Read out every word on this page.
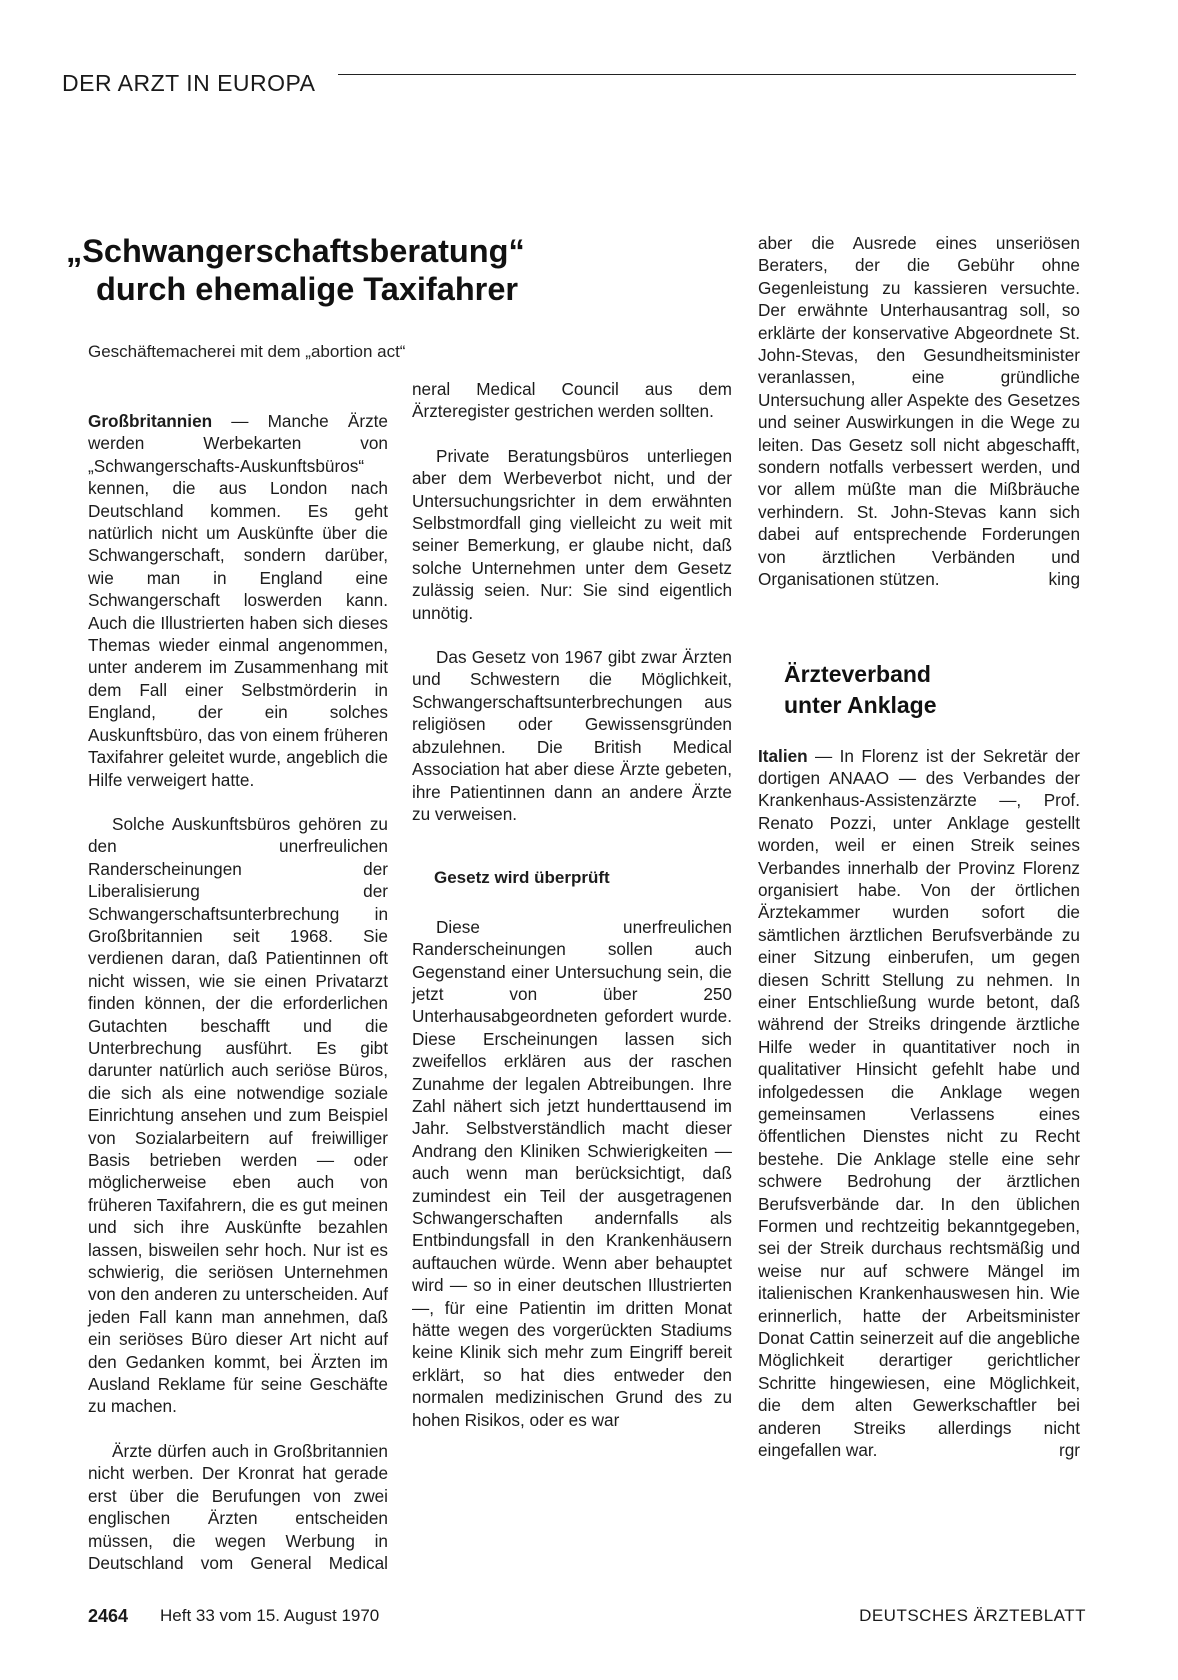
DER ARZT IN EUROPA
„Schwangerschaftsberatung“
durch ehemalige Taxifahrer
Geschäftemacherei mit dem „abortion act“

Großbritannien — Manche Ärzte werden Werbekarten von „Schwangerschafts-Auskunftsbüros“ kennen, die aus London nach Deutschland kommen. Es geht natürlich nicht um Auskünfte über die Schwangerschaft, sondern darüber, wie man in England eine Schwangerschaft loswerden kann. Auch die Illustrierten haben sich dieses Themas wieder einmal angenommen, unter anderem im Zusammenhang mit dem Fall einer Selbstmörderin in England, der ein solches Auskunftsbüro, das von einem früheren Taxifahrer geleitet wurde, angeblich die Hilfe verweigert hatte.

Solche Auskunftsbüros gehören zu den unerfreulichen Randerscheinungen der Liberalisierung der Schwangerschaftsunterbrechung in Großbritannien seit 1968. Sie verdienen daran, daß Patientinnen oft nicht wissen, wie sie einen Privatarzt finden können, der die erforderlichen Gutachten beschafft und die Unterbrechung ausführt. Es gibt darunter natürlich auch seriöse Büros, die sich als eine notwendige soziale Einrichtung ansehen und zum Beispiel von Sozialarbeitern auf freiwilliger Basis betrieben werden — oder möglicherweise eben auch von früheren Taxifahrern, die es gut meinen und sich ihre Auskünfte bezahlen lassen, bisweilen sehr hoch. Nur ist es schwierig, die seriösen Unternehmen von den anderen zu unterscheiden. Auf jeden Fall kann man annehmen, daß ein seriöses Büro dieser Art nicht auf den Gedanken kommt, bei Ärzten im Ausland Reklame für seine Geschäfte zu machen.

Ärzte dürfen auch in Großbritannien nicht werben. Der Kronrat hat gerade erst über die Berufungen von zwei englischen Ärzten entscheiden müssen, die wegen Werbung in Deutschland vom General Medical

neral Medical Council aus dem Ärzteregister gestrichen werden sollten.

Private Beratungsbüros unterliegen aber dem Werbeverbot nicht, und der Untersuchungsrichter in dem erwähnten Selbstmordfall ging vielleicht zu weit mit seiner Bemerkung, er glaube nicht, daß solche Unternehmen unter dem Gesetz zulässig seien. Nur: Sie sind eigentlich unnötig.

Das Gesetz von 1967 gibt zwar Ärzten und Schwestern die Möglichkeit, Schwangerschaftsunterbrechungen aus religiösen oder Gewissensgründen abzulehnen. Die British Medical Association hat aber diese Ärzte gebeten, ihre Patientinnen dann an andere Ärzte zu verweisen.

Gesetz wird überprüft

Diese unerfreulichen Randerscheinungen sollen auch Gegenstand einer Untersuchung sein, die jetzt von über 250 Unterhausabgeordneten gefordert wurde. Diese Erscheinungen lassen sich zweifellos erklären aus der raschen Zunahme der legalen Abtreibungen. Ihre Zahl nähert sich jetzt hunderttausend im Jahr. Selbstverständlich macht dieser Andrang den Kliniken Schwierigkeiten — auch wenn man berücksichtigt, daß zumindest ein Teil der ausgetragenen Schwangerschaften andernfalls als Entbindungsfall in den Krankenhäusern auftauchen würde. Wenn aber behauptet wird — so in einer deutschen Illustrierten —, für eine Patientin im dritten Monat hätte wegen des vorgerückten Stadiums keine Klinik sich mehr zum Eingriff bereit erklärt, so hat dies entweder den normalen medizinischen Grund des zu hohen Risikos, oder es war

aber die Ausrede eines unseriösen Beraters, der die Gebühr ohne Gegenleistung zu kassieren versuchte. Der erwähnte Unterhausantrag soll, so erklärte der konservative Abgeordnete St. John-Stevas, den Gesundheitsminister veranlassen, eine gründliche Untersuchung aller Aspekte des Gesetzes und seiner Auswirkungen in die Wege zu leiten. Das Gesetz soll nicht abgeschafft, sondern notfalls verbessert werden, und vor allem müßte man die Mißbräuche verhindern. St. John-Stevas kann sich dabei auf entsprechende Forderungen von ärztlichen Verbänden und Organisationen stützen.	king

Ärzteverband
unter Anklage

Italien — In Florenz ist der Sekretär der dortigen ANAAO — des Verbandes der Krankenhaus-Assistenzärzte —, Prof. Renato Pozzi, unter Anklage gestellt worden, weil er einen Streik seines Verbandes innerhalb der Provinz Florenz organisiert habe. Von der örtlichen Ärztekammer wurden sofort die sämtlichen ärztlichen Berufsverbände zu einer Sitzung einberufen, um gegen diesen Schritt Stellung zu nehmen. In einer Entschließung wurde betont, daß während der Streiks dringende ärztliche Hilfe weder in quantitativer noch in qualitativer Hinsicht gefehlt habe und infolgedessen die Anklage wegen gemeinsamen Verlassens eines öffentlichen Dienstes nicht zu Recht bestehe. Die Anklage stelle eine sehr schwere Bedrohung der ärztlichen Berufsverbände dar. In den üblichen Formen und rechtzeitig bekanntgegeben, sei der Streik durchaus rechtsmäßig und weise nur auf schwere Mängel im italienischen Krankenhauswesen hin. Wie erinnerlich, hatte der Arbeitsminister Donat Cattin seinerzeit auf die angebliche Möglichkeit derartiger gerichtlicher Schritte hingewiesen, eine Möglichkeit, die dem alten Gewerkschaftler bei anderen Streiks allerdings nicht eingefallen war.	rgr

2464 Heft 33 vom 15. August 1970	DEUTSCHES ÄRZTEBLATT
